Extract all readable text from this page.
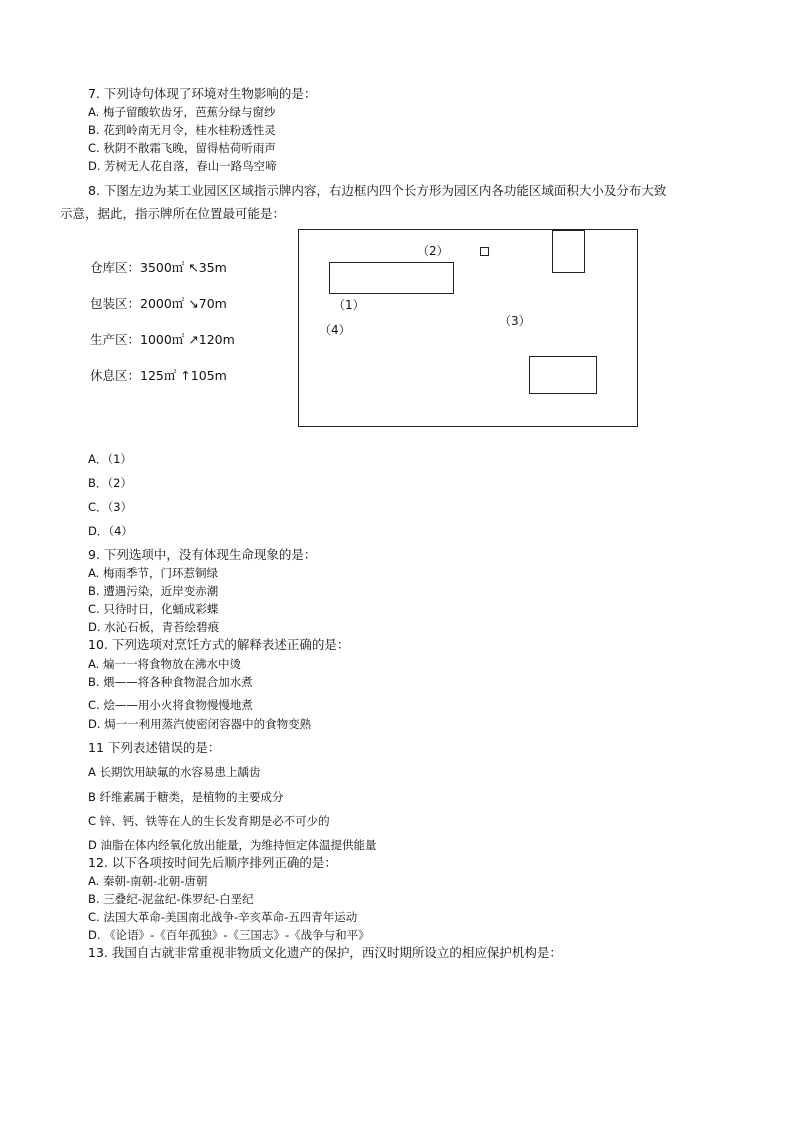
7. 下列诗句体现了环境对生物影响的是：
A. 梅子留酸软齿牙，芭蕉分绿与窗纱
B. 花到岭南无月令，桂水桂粉透性灵
C. 秋阴不散霜飞晚，留得枯荷听雨声
D. 芳树无人花自落，春山一路鸟空啼
8. 下图左边为某工业园区区域指示牌内容，右边框内四个长方形为园区内各功能区域面积大小及分布大致
示意，据此，指示牌所在位置最可能是：
仓库区：3500㎡ ↖35m
包装区：2000㎡ ↘70m
生产区：1000㎡ ↗120m
休息区：125㎡ ↑105m
（2）
（1）
（4）
（3）
A．（1）
B．（2）
C．（3）
D．（4）
9. 下列选项中，没有体现生命现象的是：
A. 梅雨季节，门环惹铜绿
B. 遭遇污染，近岸变赤潮
C. 只待时日，化蛹成彩蝶
D. 水沁石板，青苔绘碧痕
10. 下列选项对烹饪方式的解释表述正确的是：
A. 煸一一将食物放在沸水中烫
B. 煨——将各种食物混合加水煮
C. 烩——用小火将食物慢慢地煮
D. 焗一一利用蒸汽使密闭容器中的食物变熟
11 下列表述错误的是：
A 长期饮用缺氟的水容易患上龋齿
B 纤维素属于糖类，是植物的主要成分
C 锌、钙、铁等在人的生长发育期是必不可少的
D 油脂在体内经氧化放出能量，为维持恒定体温提供能量
12. 以下各项按时间先后顺序排列正确的是：
A. 秦朝-南朝-北朝-唐朝
B. 三叠纪-泥盆纪-侏罗纪-白垩纪
C. 法国大革命-美国南北战争-辛亥革命-五四青年运动
D. 《论语》-《百年孤独》-《三国志》-《战争与和平》
13. 我国自古就非常重视非物质文化遗产的保护，西汉时期所设立的相应保护机构是：
